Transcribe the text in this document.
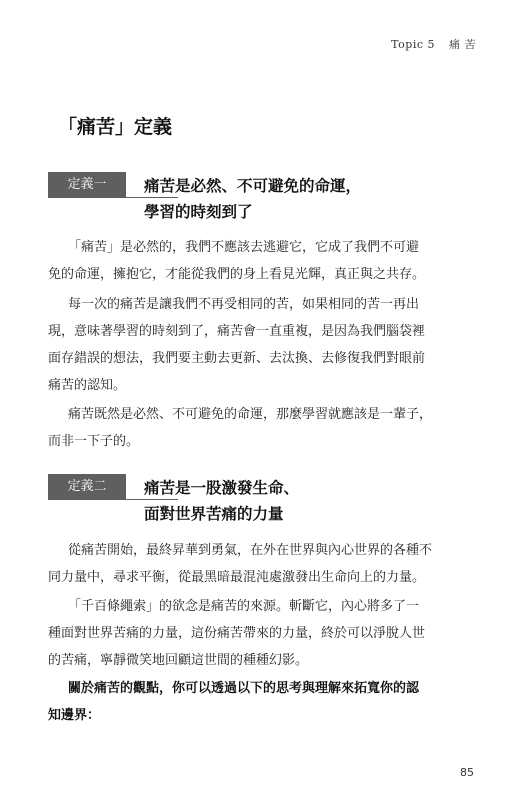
Topic 5 痛 苦
「痛苦」定義
定義一	痛苦是必然、不可避免的命運，
學習的時刻到了
「痛苦」是必然的，我們不應該去逃避它，它成了我們不可避
免的命運，擁抱它，才能從我們的身上看見光輝，真正與之共存。
每一次的痛苦是讓我們不再受相同的苦，如果相同的苦一再出
現，意味著學習的時刻到了，痛苦會一直重複，是因為我們腦袋裡
面存錯誤的想法，我們要主動去更新、去汰換、去修復我們對眼前
痛苦的認知。
痛苦既然是必然、不可避免的命運，那麼學習就應該是一輩子，
而非一下子的。
定義二	痛苦是一股激發生命、
面對世界苦痛的力量
從痛苦開始，最終昇華到勇氣，在外在世界與內心世界的各種不
同力量中，尋求平衡，從最黑暗最混沌處激發出生命向上的力量。
「千百條繩索」的欲念是痛苦的來源。斬斷它，內心將多了一
種面對世界苦痛的力量，這份痛苦帶來的力量，終於可以淨脫人世
的苦痛，寧靜微笑地回顧這世間的種種幻影。
關於痛苦的觀點，你可以透過以下的思考與理解來拓寬你的認
知邊界：
85
